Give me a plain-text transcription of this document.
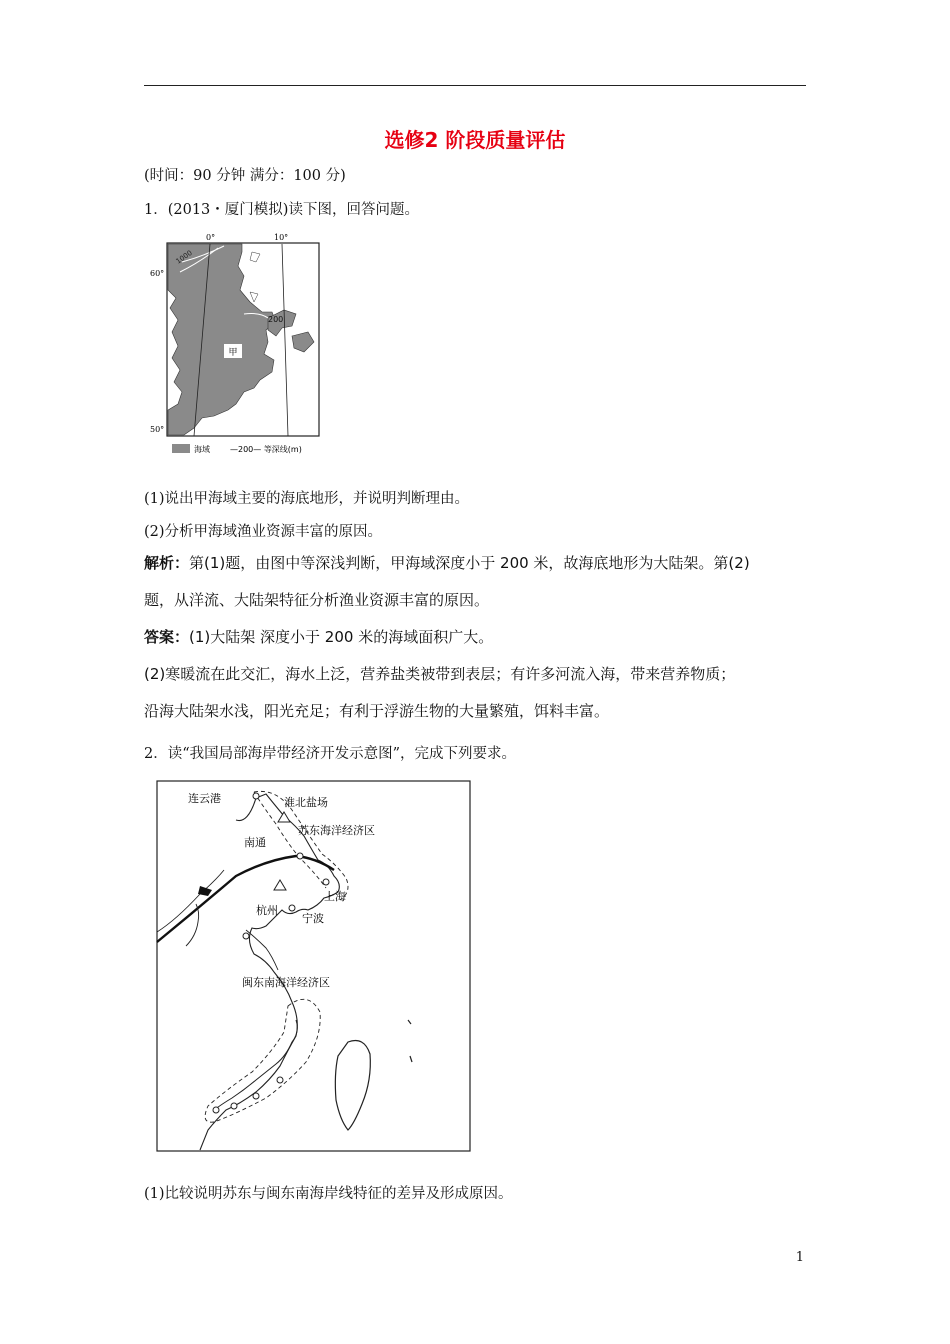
选修2 阶段质量评估
(时间：90 分钟 满分：100 分)
1．(2013・厦门模拟)读下图，回答问题。
甲
0°	10°
60°
50°
1000
200
海域	—200— 等深线(m)
(1)说出甲海域主要的海底地形，并说明判断理由。
(2)分析甲海域渔业资源丰富的原因。
解析：第(1)题，由图中等深浅判断，甲海域深度小于 200 米，故海底地形为大陆架。第(2)
题，从洋流、大陆架特征分析渔业资源丰富的原因。
答案：(1)大陆架 深度小于 200 米的海域面积广大。
(2)寒暖流在此交汇，海水上泛，营养盐类被带到表层；有许多河流入海，带来营养物质；
沿海大陆架水浅，阳光充足；有利于浮游生物的大量繁殖，饵料丰富。
2．读“我国局部海岸带经济开发示意图”，完成下列要求。
连云港	淮北盐场
苏东海洋经济区
南通
上海
杭州
宁波
闽东南海洋经济区
(1)比较说明苏东与闽东南海岸线特征的差异及形成原因。
1
